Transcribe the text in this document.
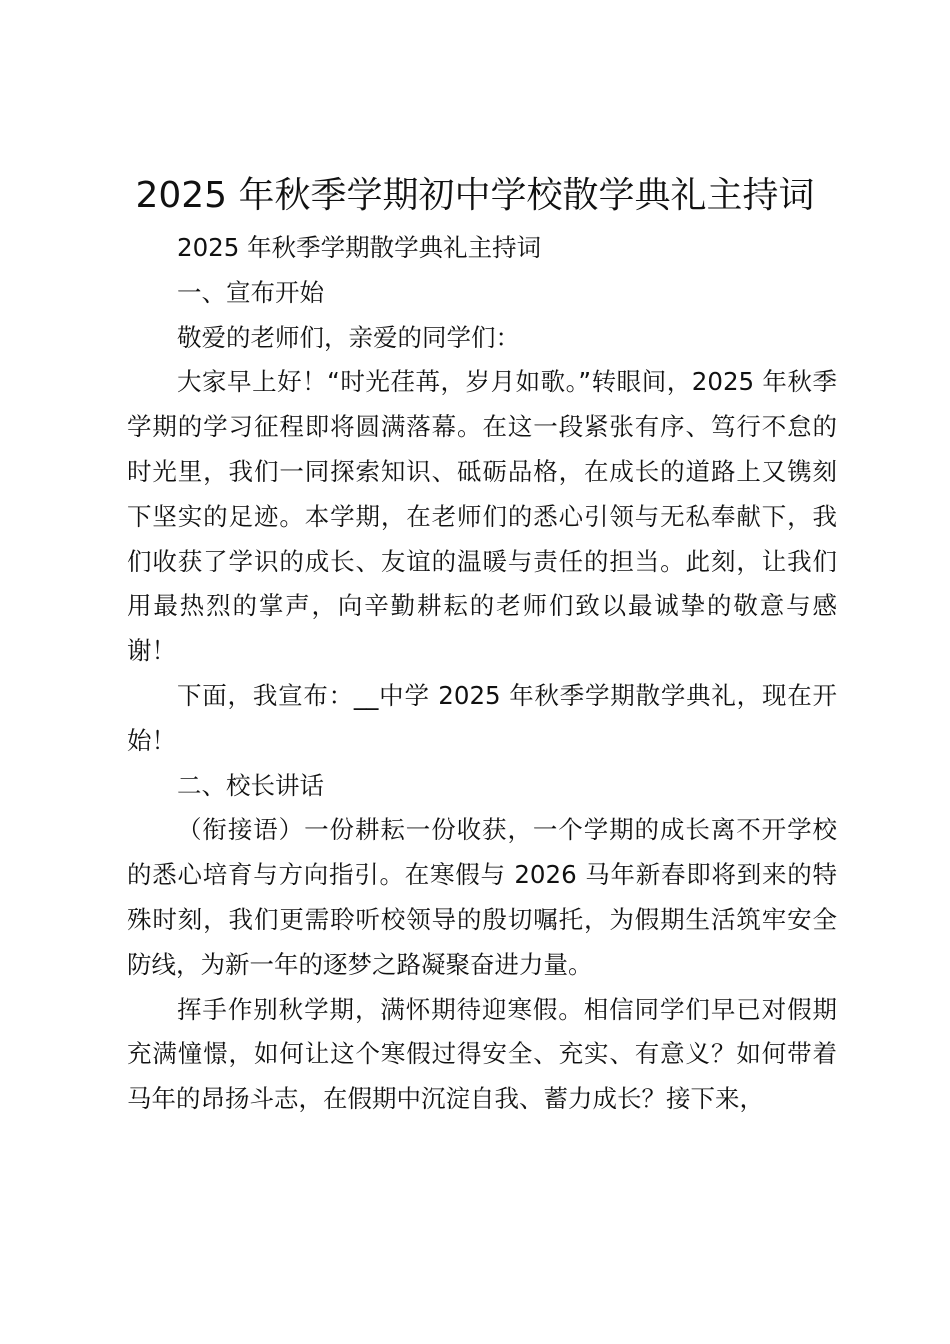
2025 年秋季学期初中学校散学典礼主持词

2025 年秋季学期散学典礼主持词

一、宣布开始

敬爱的老师们，亲爱的同学们：

大家早上好！“时光荏苒，岁月如歌。”转眼间，2025 年秋季学期的学习征程即将圆满落幕。在这一段紧张有序、笃行不怠的时光里，我们一同探索知识、砥砺品格，在成长的道路上又镌刻下坚实的足迹。本学期，在老师们的悉心引领与无私奉献下，我们收获了学识的成长、友谊的温暖与责任的担当。此刻，让我们用最热烈的掌声，向辛勤耕耘的老师们致以最诚挚的敬意与感谢！

下面，我宣布：__中学 2025 年秋季学期散学典礼，现在开始！

二、校长讲话

（衔接语）一份耕耘一份收获，一个学期的成长离不开学校的悉心培育与方向指引。在寒假与 2026 马年新春即将到来的特殊时刻，我们更需聆听校领导的殷切嘱托，为假期生活筑牢安全防线，为新一年的逐梦之路凝聚奋进力量。

挥手作别秋学期，满怀期待迎寒假。相信同学们早已对假期充满憧憬，如何让这个寒假过得安全、充实、有意义？如何带着马年的昂扬斗志，在假期中沉淀自我、蓄力成长？接下来，
